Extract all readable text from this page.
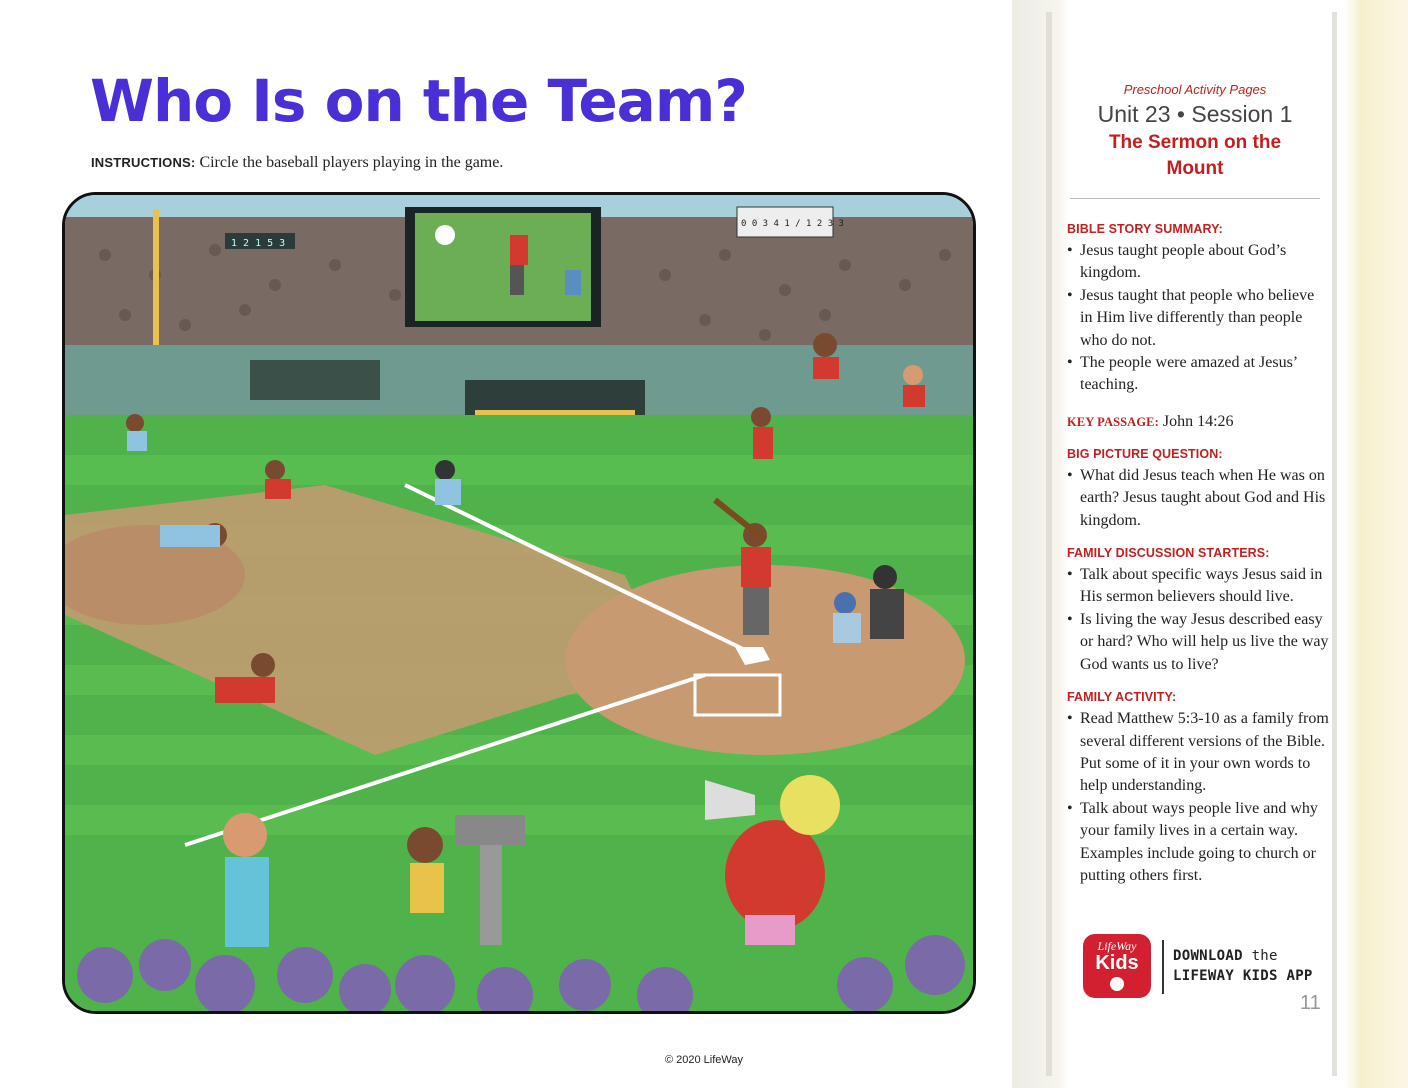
Who Is on the Team?
INSTRUCTIONS: Circle the baseball players playing in the game.
1 2 1 5 3
0 0 3 4 1 / 1 2 3 3
© 2020 LifeWay
Preschool Activity Pages
Unit 23 • Session 1
The Sermon on the
Mount
BIBLE STORY SUMMARY:
• Jesus taught people about God’s kingdom.
• Jesus taught that people who believe in Him live differently than people who do not.
• The people were amazed at Jesus’ teaching.
KEY PASSAGE: John 14:26
BIG PICTURE QUESTION:
• What did Jesus teach when He was on earth? Jesus taught about God and His kingdom.
FAMILY DISCUSSION STARTERS:
• Talk about specific ways Jesus said in His sermon believers should live.
• Is living the way Jesus described easy or hard? Who will help us live the way God wants us to live?
FAMILY ACTIVITY:
• Read Matthew 5:3-10 as a family from several different versions of the Bible. Put some of it in your own words to help understanding.
• Talk about ways people live and why your family lives in a certain way. Examples include going to church or putting others first.
LifeWay
Kids	DOWNLOAD the
LIFEWAY KIDS APP
11
